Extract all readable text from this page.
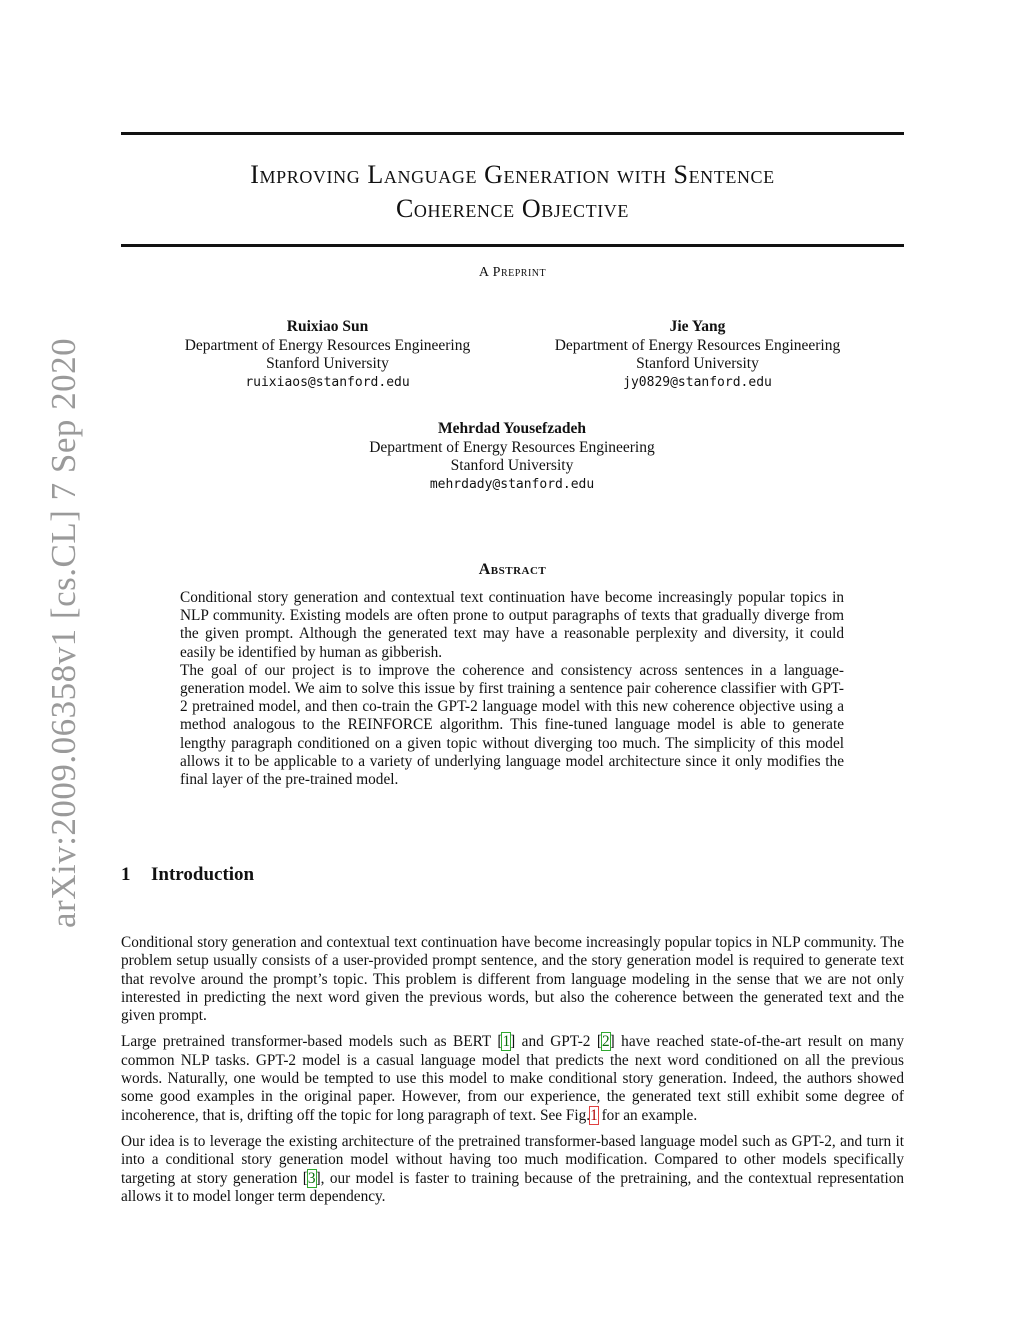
arXiv:2009.06358v1 [cs.CL] 7 Sep 2020
Improving Language Generation with Sentence
Coherence Objective
A Preprint
Ruixiao Sun
Department of Energy Resources Engineering
Stanford University
ruixiaos@stanford.edu
Jie Yang
Department of Energy Resources Engineering
Stanford University
jy0829@stanford.edu
Mehrdad Yousefzadeh
Department of Energy Resources Engineering
Stanford University
mehrdady@stanford.edu
Abstract

Conditional story generation and contextual text continuation have become increasingly popular topics in NLP community. Existing models are often prone to output paragraphs of texts that gradually diverge from the given prompt. Although the generated text may have a reasonable perplexity and diversity, it could easily be identified by human as gibberish.

The goal of our project is to improve the coherence and consistency across sentences in a language-generation model. We aim to solve this issue by first training a sentence pair coherence classifier with GPT-2 pretrained model, and then co-train the GPT-2 language model with this new coherence objective using a method analogous to the REINFORCE algorithm. This fine-tuned language model is able to generate lengthy paragraph conditioned on a given topic without diverging too much. The simplicity of this model allows it to be applicable to a variety of underlying language model architecture since it only modifies the final layer of the pre-trained model.

1 Introduction

Conditional story generation and contextual text continuation have become increasingly popular topics in NLP community. The problem setup usually consists of a user-provided prompt sentence, and the story generation model is required to generate text that revolve around the prompt’s topic. This problem is different from language modeling in the sense that we are not only interested in predicting the next word given the previous words, but also the coherence between the generated text and the given prompt.

Large pretrained transformer-based models such as BERT [1] and GPT-2 [2] have reached state-of-the-art result on many common NLP tasks. GPT-2 model is a casual language model that predicts the next word conditioned on all the previous words. Naturally, one would be tempted to use this model to make conditional story generation. Indeed, the authors showed some good examples in the original paper. However, from our experience, the generated text still exhibit some degree of incoherence, that is, drifting off the topic for long paragraph of text. See Fig.1 for an example.

Our idea is to leverage the existing architecture of the pretrained transformer-based language model such as GPT-2, and turn it into a conditional story generation model without having too much modification. Compared to other models specifically targeting at story generation [3], our model is faster to training because of the pretraining, and the contextual representation allows it to model longer term dependency.
